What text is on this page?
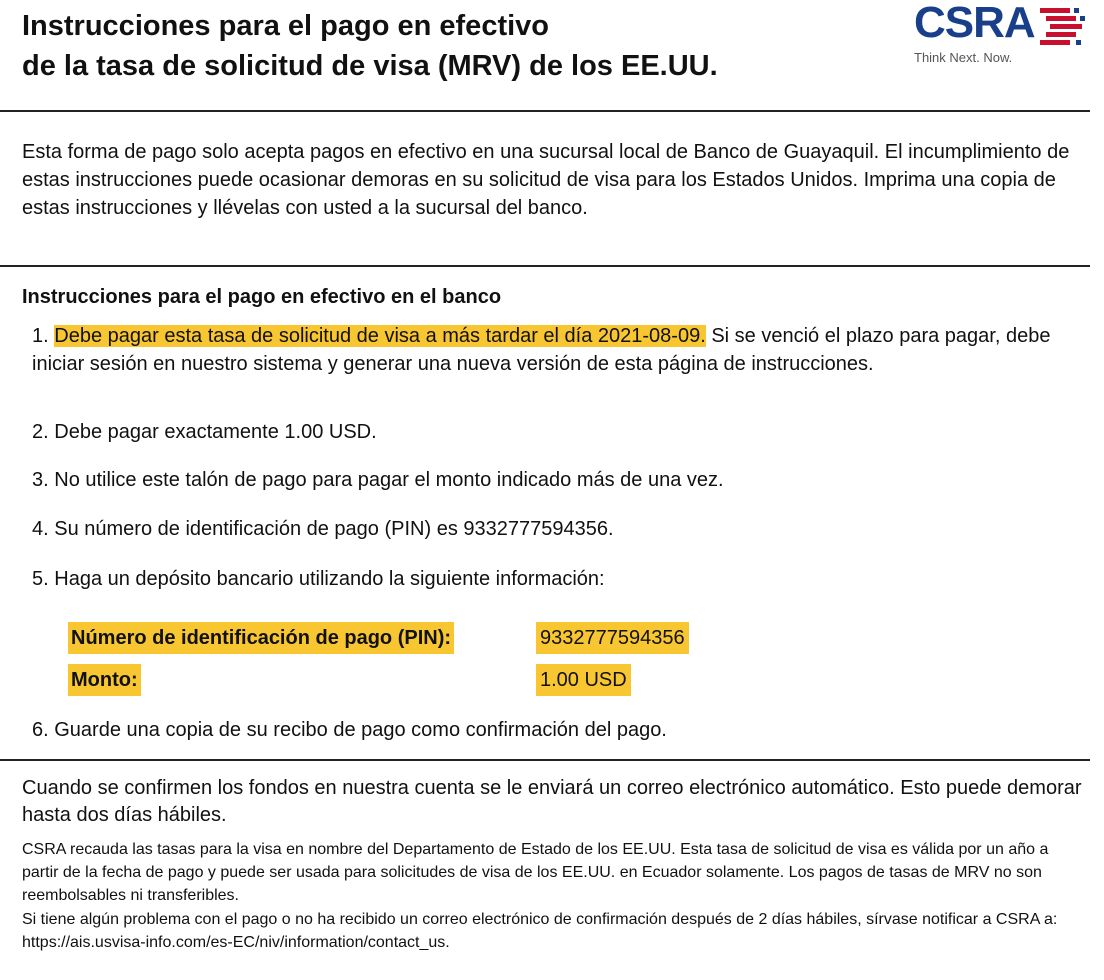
Instrucciones para el pago en efectivo
de la tasa de solicitud de visa (MRV) de los EE.UU.
CSRA
Think Next. Now.

Esta forma de pago solo acepta pagos en efectivo en una sucursal local de Banco de Guayaquil. El incumplimiento de estas instrucciones puede ocasionar demoras en su solicitud de visa para los Estados Unidos. Imprima una copia de estas instrucciones y llévelas con usted a la sucursal del banco.

Instrucciones para el pago en efectivo en el banco

1. Debe pagar esta tasa de solicitud de visa a más tardar el día 2021-08-09. Si se venció el plazo para pagar, debe iniciar sesión en nuestro sistema y generar una nueva versión de esta página de instrucciones.

2. Debe pagar exactamente 1.00 USD.

3. No utilice este talón de pago para pagar el monto indicado más de una vez.

4. Su número de identificación de pago (PIN) es 9332777594356.

5. Haga un depósito bancario utilizando la siguiente información:

Número de identificación de pago (PIN):	9332777594356
Monto:	1.00 USD

6. Guarde una copia de su recibo de pago como confirmación del pago.

Cuando se confirmen los fondos en nuestra cuenta se le enviará un correo electrónico automático. Esto puede demorar hasta dos días hábiles.

CSRA recauda las tasas para la visa en nombre del Departamento de Estado de los EE.UU. Esta tasa de solicitud de visa es válida por un año a partir de la fecha de pago y puede ser usada para solicitudes de visa de los EE.UU. en Ecuador solamente. Los pagos de tasas de MRV no son reembolsables ni transferibles.

Si tiene algún problema con el pago o no ha recibido un correo electrónico de confirmación después de 2 días hábiles, sírvase notificar a CSRA a: https://ais.usvisa-info.com/es-EC/niv/information/contact_us.
